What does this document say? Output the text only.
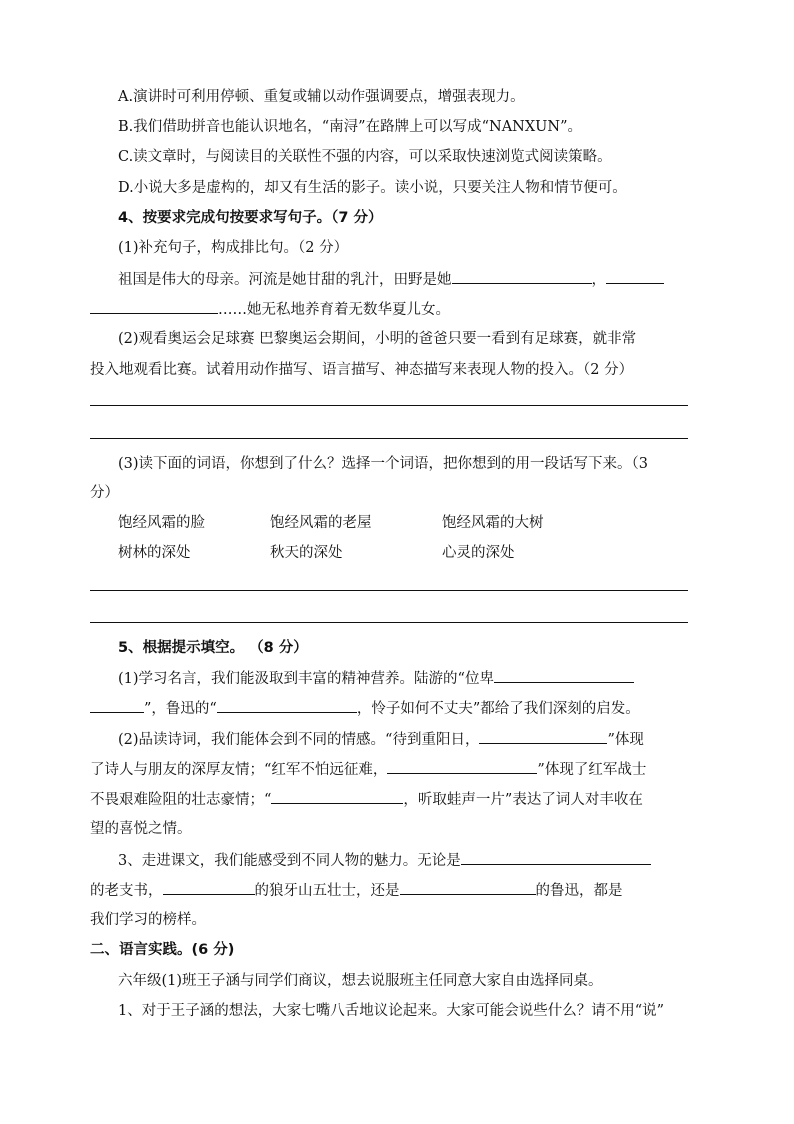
A.演讲时可利用停顿、重复或辅以动作强调要点，增强表现力。
B.我们借助拼音也能认识地名，“南浔”在路牌上可以写成“NANXUN”。
C.读文章时，与阅读目的关联性不强的内容，可以采取快速浏览式阅读策略。
D.小说大多是虚构的，却又有生活的影子。读小说，只要关注人物和情节便可。
4、按要求完成句按要求写句子。（7 分）
(1)补充句子，构成排比句。（2 分）
祖国是伟大的母亲。河流是她甘甜的乳汁，田野是她	，
……她无私地养育着无数华夏儿女。
(2)观看奥运会足球赛 巴黎奥运会期间，小明的爸爸只要一看到有足球赛，就非常
投入地观看比赛。试着用动作描写、语言描写、神态描写来表现人物的投入。（2 分）
(3)读下面的词语，你想到了什么？选择一个词语，把你想到的用一段话写下来。（3
分）
饱经风霜的脸	饱经风霜的老屋	饱经风霜的大树
树林的深处	秋天的深处	心灵的深处
5、根据提示填空。 （8 分）
(1)学习名言，我们能汲取到丰富的精神营养。陆游的“位卑
”，鲁迅的“	，怜子如何不丈夫”都给了我们深刻的启发。
(2)品读诗词，我们能体会到不同的情感。“待到重阳日，	”体现
了诗人与朋友的深厚友情；“红军不怕远征难，	”体现了红军战士
不畏艰难险阻的壮志豪情；“	，听取蛙声一片”表达了词人对丰收在
望的喜悦之情。
3、走进课文，我们能感受到不同人物的魅力。无论是
的老支书，	的狼牙山五壮士，还是	的鲁迅，都是
我们学习的榜样。
二、语言实践。(6 分)
六年级(1)班王子涵与同学们商议，想去说服班主任同意大家自由选择同桌。
1、对于王子涵的想法，大家七嘴八舌地议论起来。大家可能会说些什么？请不用“说”
